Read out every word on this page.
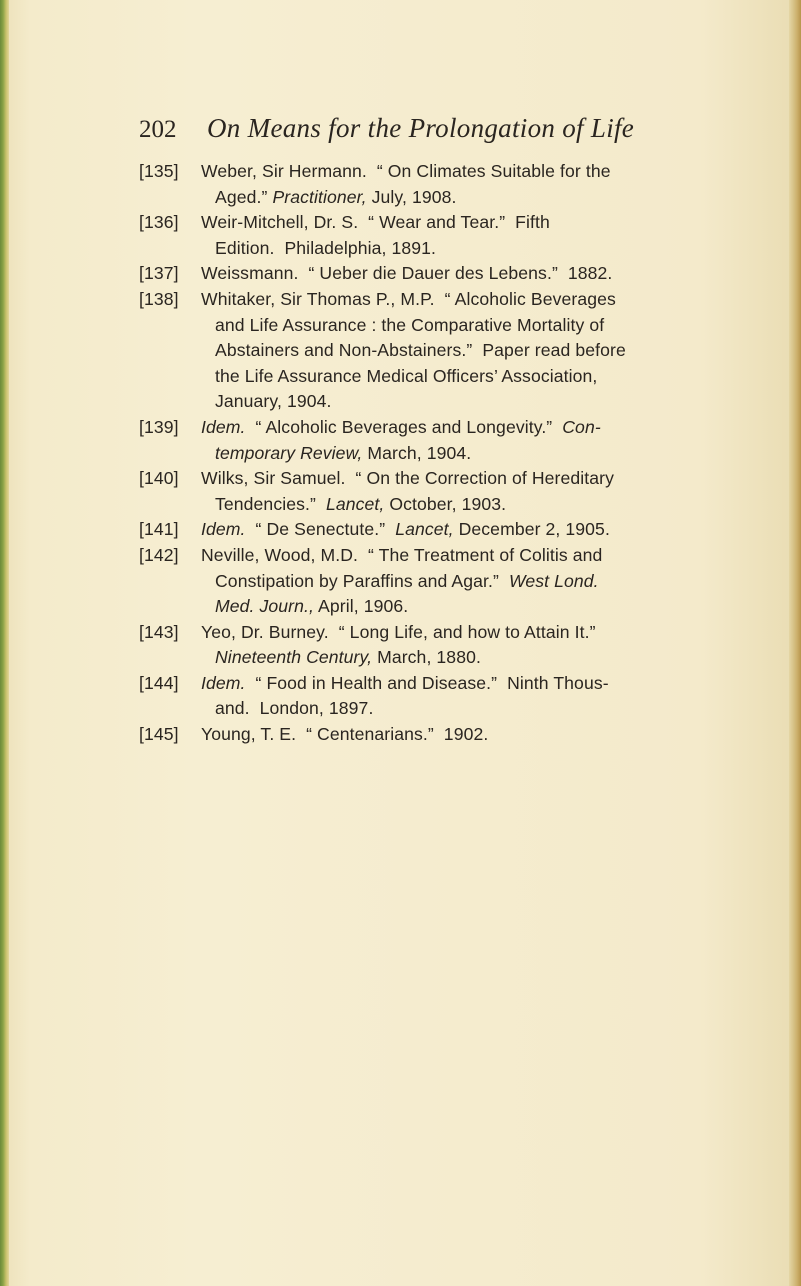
202	On Means for the Prolongation of Life
[135]	Weber, Sir Hermann.  “ On Climates Suitable for the
Aged.” Practitioner, July, 1908.
[136]	Weir-Mitchell, Dr. S.  “ Wear and Tear.”  Fifth
Edition.  Philadelphia, 1891.
[137]	Weissmann.  “ Ueber die Dauer des Lebens.”  1882.
[138]	Whitaker, Sir Thomas P., M.P.  “ Alcoholic Beverages
and Life Assurance : the Comparative Mortality of
Abstainers and Non-Abstainers.”  Paper read before
the Life Assurance Medical Officers’ Association,
January, 1904.
[139]	Idem.  “ Alcoholic Beverages and Longevity.”  Con-
temporary Review, March, 1904.
[140]	Wilks, Sir Samuel.  “ On the Correction of Hereditary
Tendencies.”  Lancet, October, 1903.
[141]	Idem.  “ De Senectute.”  Lancet, December 2, 1905.
[142]	Neville, Wood, M.D.  “ The Treatment of Colitis and
Constipation by Paraffins and Agar.”  West Lond.
Med. Journ., April, 1906.
[143]	Yeo, Dr. Burney.  “ Long Life, and how to Attain It.”
Nineteenth Century, March, 1880.
[144]	Idem.  “ Food in Health and Disease.”  Ninth Thous-
and.  London, 1897.
[145]	Young, T. E.  “ Centenarians.”  1902.
